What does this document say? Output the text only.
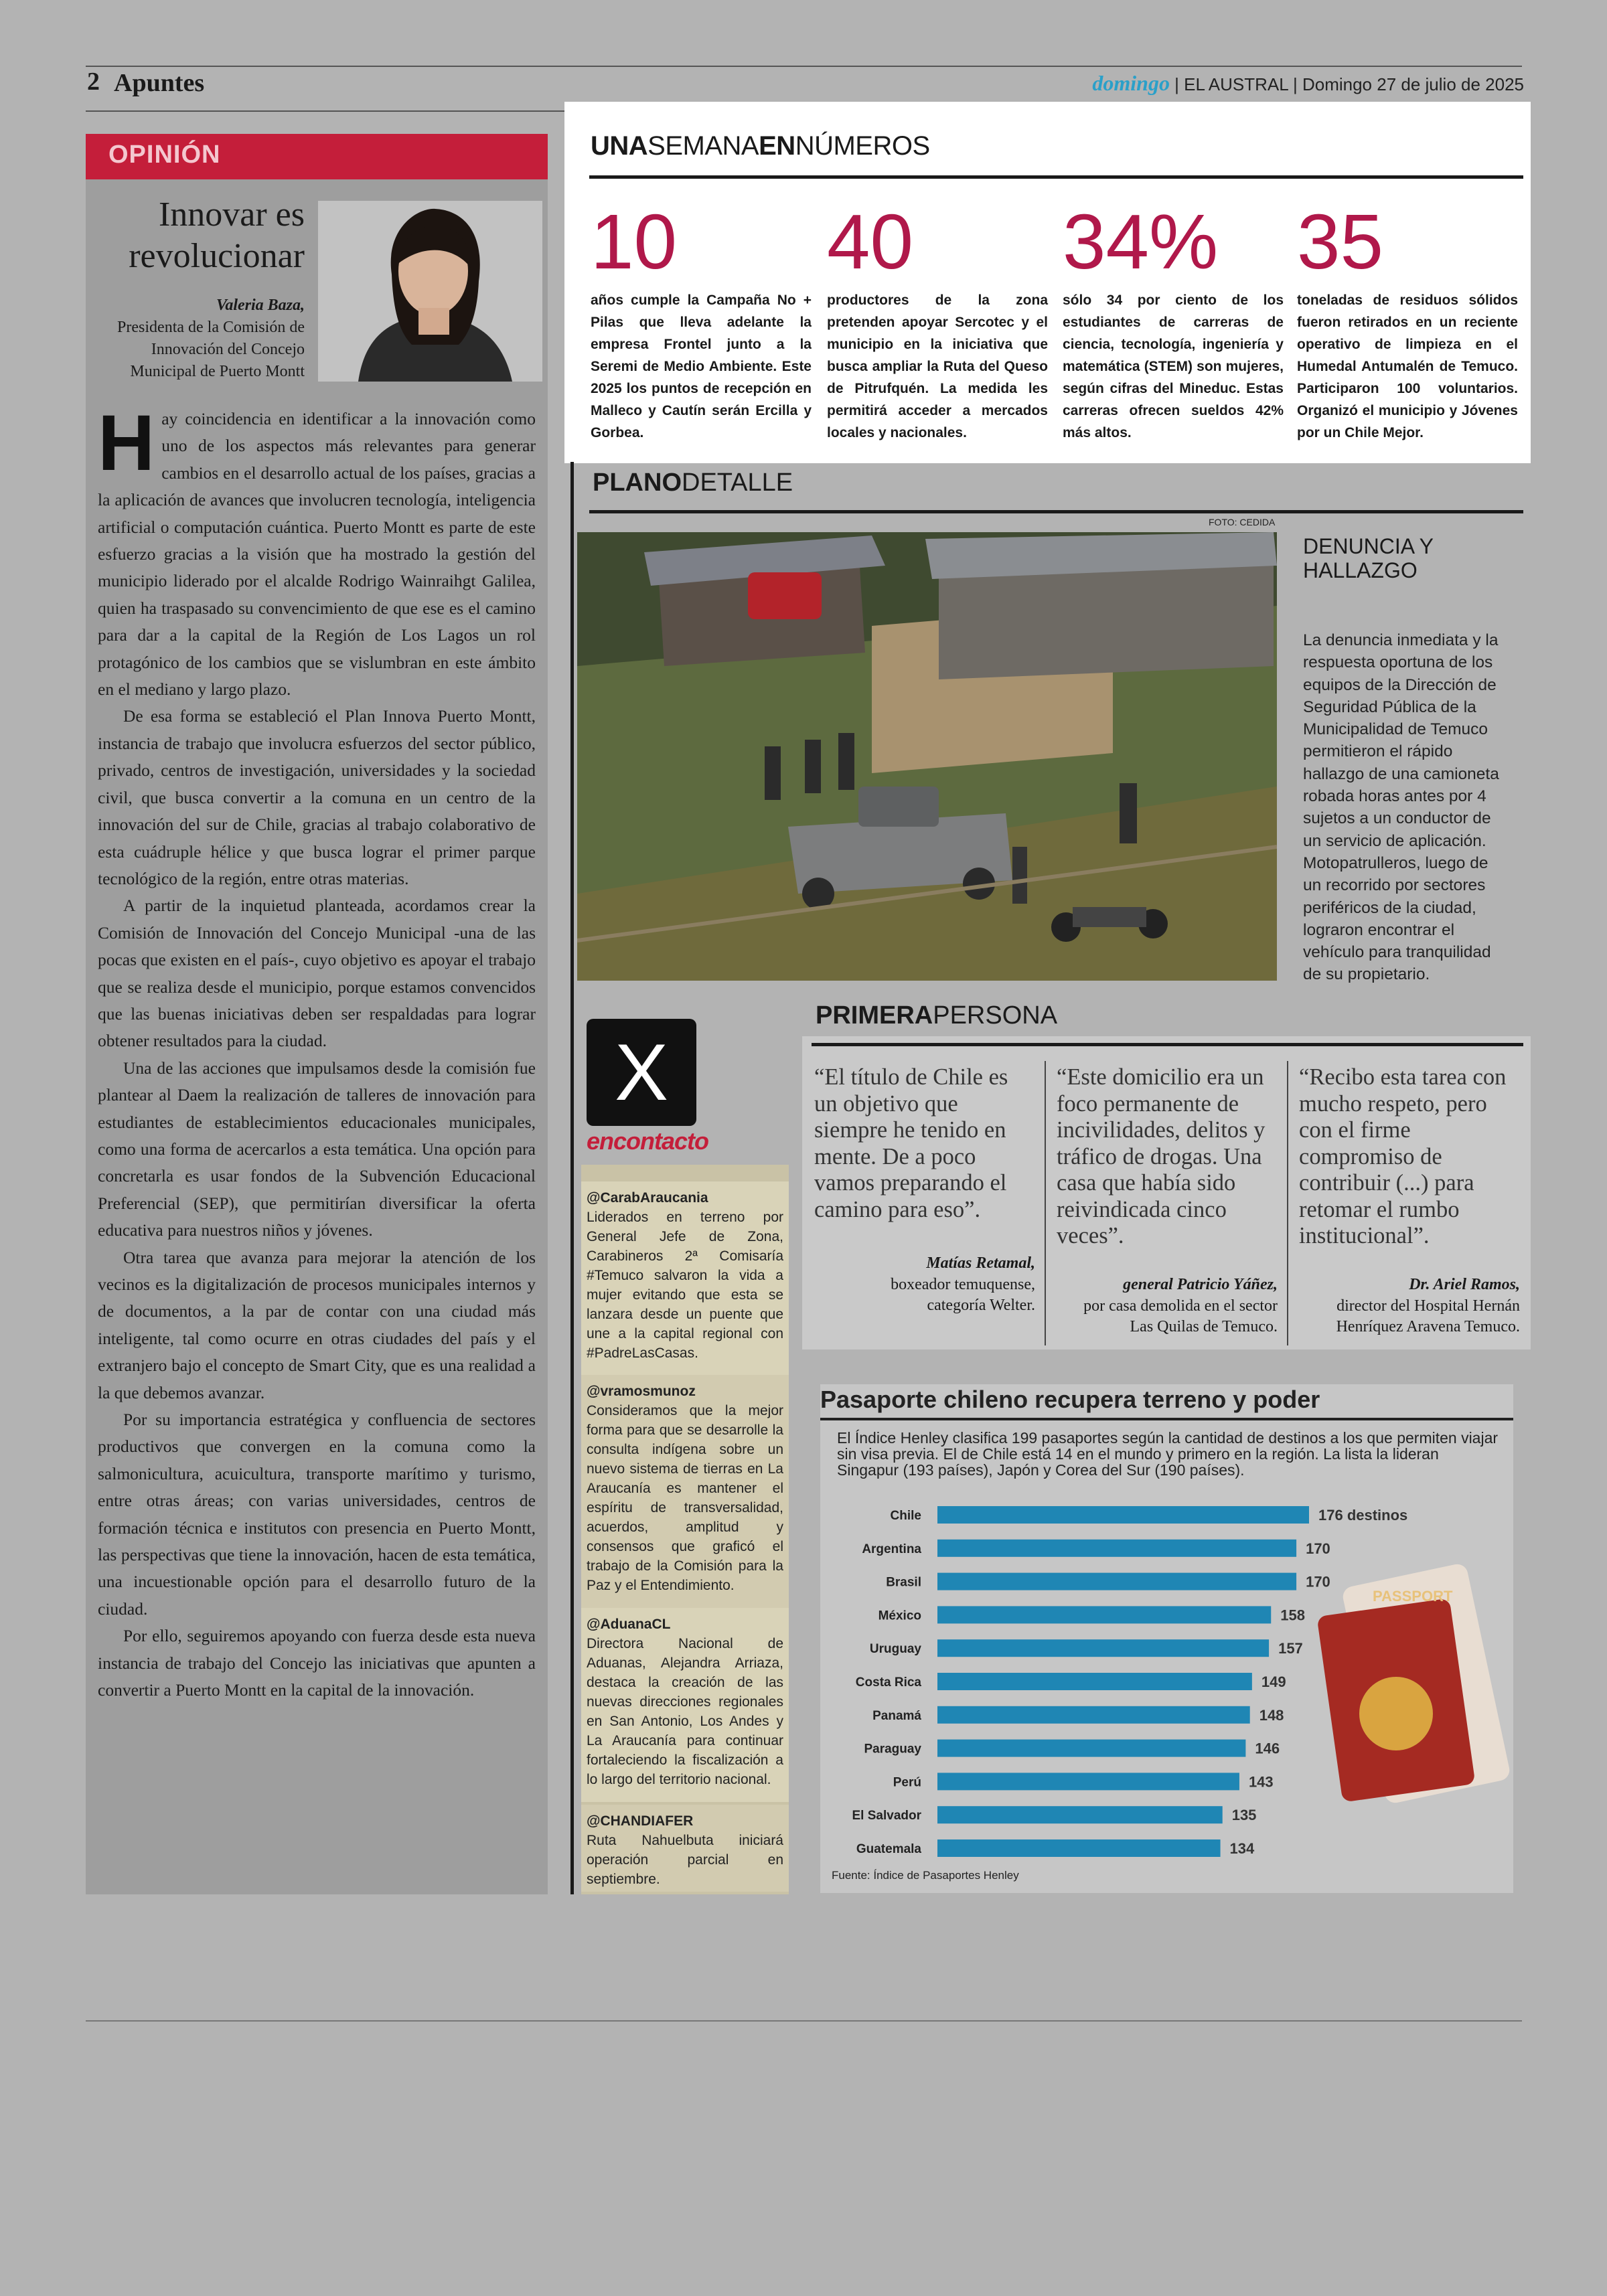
2 Apuntes	domingo | EL AUSTRAL | Domingo 27 de julio de 2025
OPINIÓN
Innovar es
revolucionar
Valeria Baza,
Presidenta de la Comisión de
Innovación del Concejo
Municipal de Puerto Montt

Hay coincidencia en identificar a la innovación como uno de los aspectos más relevantes para generar cambios en el desarrollo actual de los países, gracias a la aplicación de avances que involucren tecnología, inteligencia artificial o computación cuántica. Puerto Montt es parte de este esfuerzo gracias a la visión que ha mostrado la gestión del municipio liderado por el alcalde Rodrigo Wainraihgt Galilea, quien ha traspasado su convencimiento de que ese es el camino para dar a la capital de la Región de Los Lagos un rol protagónico de los cambios que se vislumbran en este ámbito en el mediano y largo plazo.

De esa forma se estableció el Plan Innova Puerto Montt, instancia de trabajo que involucra esfuerzos del sector público, privado, centros de investigación, universidades y la sociedad civil, que busca convertir a la comuna en un centro de la innovación del sur de Chile, gracias al trabajo colaborativo de esta cuádruple hélice y que busca lograr el primer parque tecnológico de la región, entre otras materias.

A partir de la inquietud planteada, acordamos crear la Comisión de Innovación del Concejo Municipal -una de las pocas que existen en el país-, cuyo objetivo es apoyar el trabajo que se realiza desde el municipio, porque estamos convencidos que las buenas iniciativas deben ser respaldadas para lograr obtener resultados para la ciudad.

Una de las acciones que impulsamos desde la comisión fue plantear al Daem la realización de talleres de innovación para estudiantes de establecimientos educacionales municipales, como una forma de acercarlos a esta temática. Una opción para concretarla es usar fondos de la Subvención Educacional Preferencial (SEP), que permitirían diversificar la oferta educativa para nuestros niños y jóvenes.

Otra tarea que avanza para mejorar la atención de los vecinos es la digitalización de procesos municipales internos y de documentos, a la par de contar con una ciudad más inteligente, tal como ocurre en otras ciudades del país y el extranjero bajo el concepto de Smart City, que es una realidad a la que debemos avanzar.

Por su importancia estratégica y confluencia de sectores productivos que convergen en la comuna como la salmonicultura, acuicultura, transporte marítimo y turismo, entre otras áreas; con varias universidades, centros de formación técnica e institutos con presencia en Puerto Montt, las perspectivas que tiene la innovación, hacen de esta temática, una incuestionable opción para el desarrollo futuro de la ciudad.

Por ello, seguiremos apoyando con fuerza desde esta nueva instancia de trabajo del Concejo las iniciativas que apunten a convertir a Puerto Montt en la capital de la innovación.

UNASEMANAENNÚMEROS
10
años cumple la Campaña No + Pilas que lleva adelante la empresa Frontel junto a la Seremi de Medio Ambiente. Este 2025 los puntos de recepción en Malleco y Cautín serán Ercilla y Gorbea.
40
productores de la zona pretenden apoyar Sercotec y el municipio en la iniciativa que busca ampliar la Ruta del Queso de Pitrufquén. La medida les permitirá acceder a mercados locales y nacionales.
34%
sólo 34 por ciento de los estudiantes de carreras de ciencia, tecnología, ingeniería y matemática (STEM) son mujeres, según cifras del Mineduc. Estas carreras ofrecen sueldos 42% más altos.
35
toneladas de residuos sólidos fueron retirados en un reciente operativo de limpieza en el Humedal Antumalén de Temuco. Participaron 100 voluntarios. Organizó el municipio y Jóvenes por un Chile Mejor.
PLANODETALLE
FOTO: CEDIDA
DENUNCIA Y
HALLAZGO
La denuncia inmediata y la respuesta oportuna de los equipos de la Dirección de Seguridad Pública de la Municipalidad de Temuco permitieron el rápido hallazgo de una camioneta robada horas antes por 4 sujetos a un conductor de un servicio de aplicación. Motopatrulleros, luego de un recorrido por sectores periféricos de la ciudad, lograron encontrar el vehículo para tranquilidad de su propietario.
X
encontacto
@CarabAraucania
Liderados en terreno por General Jefe de Zona, Carabineros 2ª Comisaría #Temuco salvaron la vida a mujer evitando que esta se lanzara desde un puente que une a la capital regional con #PadreLasCasas.
@vramosmunoz
Consideramos que la mejor forma para que se desarrolle la consulta indígena sobre un nuevo sistema de tierras en La Araucanía es mantener el espíritu de transversalidad, acuerdos, amplitud y consensos que graficó el trabajo de la Comisión para la Paz y el Entendimiento.
@AduanaCL
Directora Nacional de Aduanas, Alejandra Arriaza, destaca la creación de las nuevas direcciones regionales en San Antonio, Los Andes y La Araucanía para continuar fortaleciendo la fiscalización a lo largo del territorio nacional.
@CHANDIAFER
Ruta Nahuelbuta iniciará operación parcial en septiembre.
PRIMERAPERSONA
“El título de Chile es un objetivo que siempre he tenido en mente. De a poco vamos preparando el camino para eso”.
Matías Retamal,
boxeador temuquense,
categoría Welter.
“Este domicilio era un foco permanente de incivilidades, delitos y tráfico de drogas. Una casa que había sido reivindicada cinco veces”.
general Patricio Yáñez,
por casa demolida en el sector Las Quilas de Temuco.
“Recibo esta tarea con mucho respeto, pero con el firme compromiso de contribuir (...) para retomar el rumbo institucional”.
Dr. Ariel Ramos,
director del Hospital Hernán
Henríquez Aravena Temuco.
Pasaporte chileno recupera terreno y poder
El Índice Henley clasifica 199 pasaportes según la cantidad de destinos a los que permiten viajar sin visa previa. El de Chile está 14 en el mundo y primero en la región. La lista la lideran Singapur (193 países), Japón y Corea del Sur (190 países).
PASSPORT
Chile	176 destinos
Argentina	170
Brasil	170
México	158
Uruguay	157
Costa Rica	149
Panamá	148
Paraguay	146
Perú	143
El Salvador	135
Guatemala	134
Fuente: Índice de Pasaportes Henley
